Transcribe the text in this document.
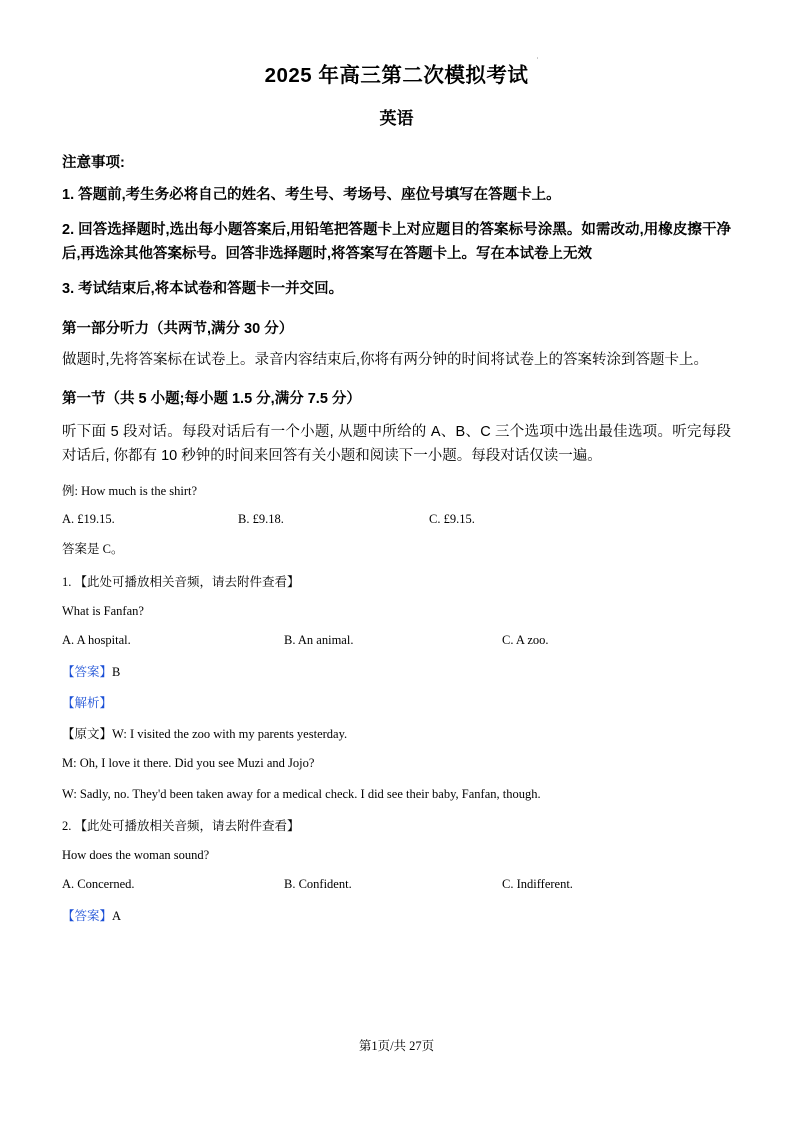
2025 年高三第二次模拟考试
˙
英语
注意事项:
1. 答题前,考生务必将自己的姓名、考生号、考场号、座位号填写在答题卡上。
2. 回答选择题时,选出每小题答案后,用铅笔把答题卡上对应题目的答案标号涂黑。如需改动,用橡皮擦干净后,再选涂其他答案标号。回答非选择题时,将答案写在答题卡上。写在本试卷上无效
3. 考试结束后,将本试卷和答题卡一并交回。
第一部分听力（共两节,满分 30 分）
做题时,先将答案标在试卷上。录音内容结束后,你将有两分钟的时间将试卷上的答案转涂到答题卡上。
第一节（共 5 小题;每小题 1.5 分,满分 7.5 分）
听下面 5 段对话。每段对话后有一个小题, 从题中所给的 A、B、C 三个选项中选出最佳选项。听完每段对话后, 你都有 10 秒钟的时间来回答有关小题和阅读下一小题。每段对话仅读一遍。
例: How much is the shirt?
A. £19.15.	B. £9.18.	C. £9.15.
答案是 C。
1. 【此处可播放相关音频，请去附件查看】
What is Fanfan?
A. A hospital.	B. An animal.	C. A zoo.
【答案】B
【解析】
【原文】W: I visited the zoo with my parents yesterday.
M: Oh, I love it there. Did you see Muzi and Jojo?
W: Sadly, no. They'd been taken away for a medical check. I did see their baby, Fanfan, though.
2. 【此处可播放相关音频，请去附件查看】
How does the woman sound?
A. Concerned.	B. Confident.	C. Indifferent.
【答案】A
第1页/共 27页
